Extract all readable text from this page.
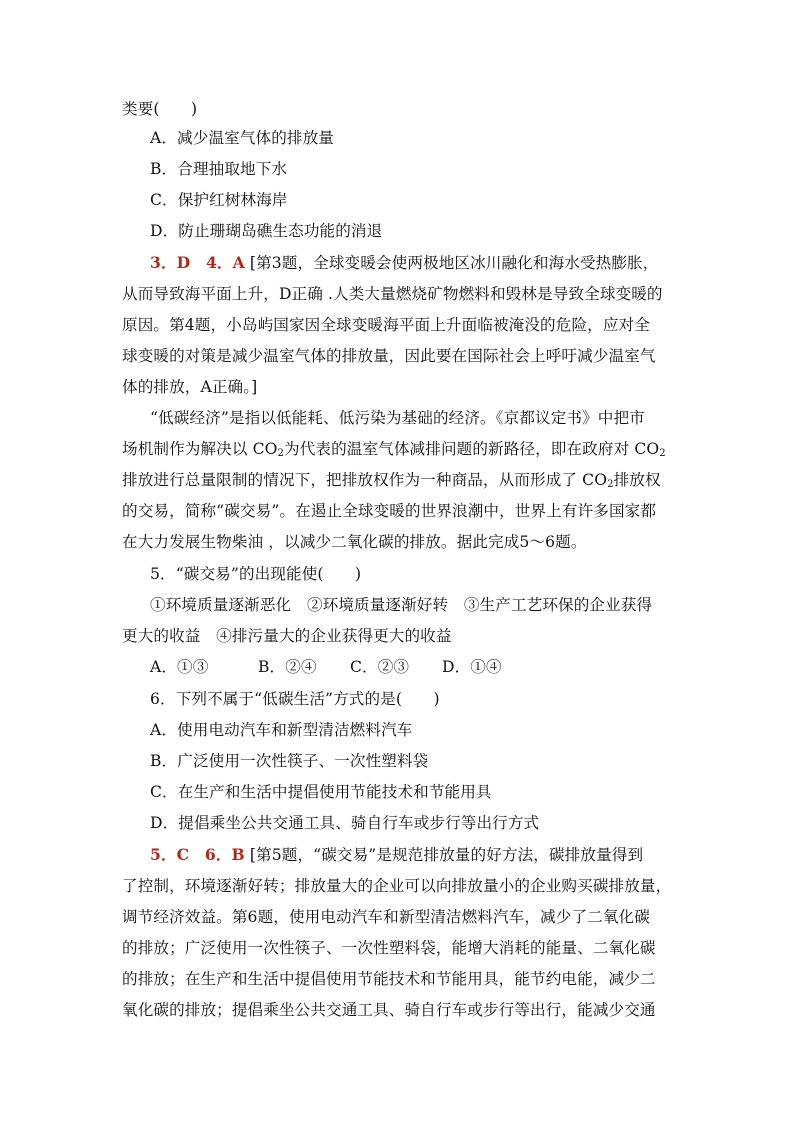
类要(　　)
A．减少温室气体的排放量
B．合理抽取地下水
C．保护红树林海岸
D．防止珊瑚岛礁生态功能的消退
3．D　4．A [第3题，全球变暖会使两极地区冰川融化和海水受热膨胀，
从而导致海平面上升，D正确 .人类大量燃烧矿物燃料和毁林是导致全球变暖的
原因。第4题，小岛屿国家因全球变暖海平面上升面临被淹没的危险，应对全
球变暖的对策是减少温室气体的排放量，因此要在国际社会上呼吁减少温室气
体的排放，A正确。]
“低碳经济”是指以低能耗、低污染为基础的经济。《京都议定书》中把市
场机制作为解决以 $CO_2$为代表的温室气体减排问题的新路径，即在政府对 $CO_2$
排放进行总量限制的情况下，把排放权作为一种商品，从而形成了 $CO_2$排放权
的交易，简称“碳交易”。在遏止全球变暖的世界浪潮中，世界上有许多国家都
在大力发展生物柴油 ，以减少二氧化碳的排放。据此完成5～6题。
5．“碳交易”的出现能使(　　)
①环境质量逐渐恶化　②环境质量逐渐好转　③生产工艺环保的企业获得
更大的收益　④排污量大的企业获得更大的收益
A．①③	B．②④ C．②③ D．①④
6．下列不属于“低碳生活”方式的是(　　)
A．使用电动汽车和新型清洁燃料汽车
B．广泛使用一次性筷子、一次性塑料袋
C．在生产和生活中提倡使用节能技术和节能用具
D．提倡乘坐公共交通工具、骑自行车或步行等出行方式
5．C　6．B [第5题，“碳交易”是规范排放量的好方法，碳排放量得到
了控制，环境逐渐好转；排放量大的企业可以向排放量小的企业购买碳排放量，
调节经济效益。第6题，使用电动汽车和新型清洁燃料汽车，减少了二氧化碳
的排放；广泛使用一次性筷子、一次性塑料袋，能增大消耗的能量、二氧化碳
的排放；在生产和生活中提倡使用节能技术和节能用具，能节约电能，减少二
氧化碳的排放；提倡乘坐公共交通工具、骑自行车或步行等出行，能减少交通
